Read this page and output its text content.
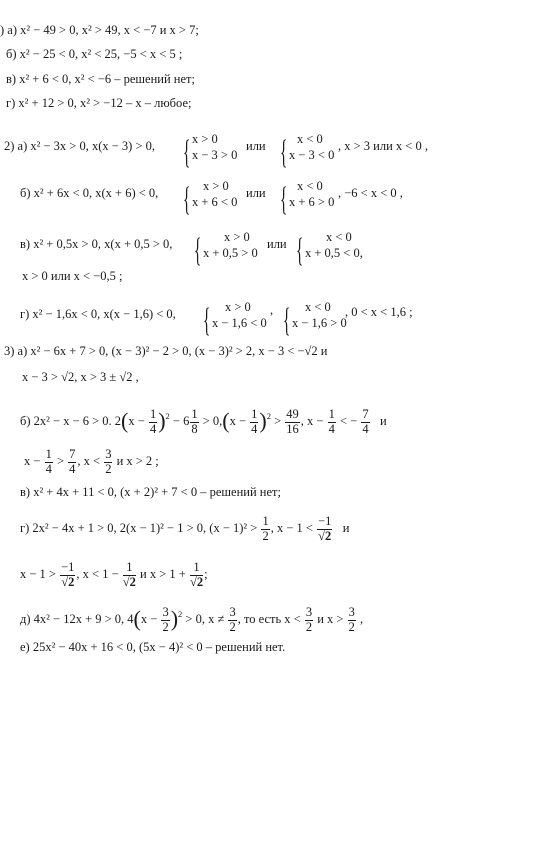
) а) x² − 49 > 0, x² > 49, x < −7 и x > 7;
б) x² − 25 < 0, x² < 25, −5 < x < 5 ;
в) x² + 6 < 0, x² < −6 – решений нет;
г) x² + 12 > 0, x² > −12 – x – любое;
2) а) x² − 3x > 0, x(x − 3) > 0, { x > 0
x − 3 > 0
или { x < 0
x − 3 < 0
, x > 3 или x < 0 ,
б) x² + 6x < 0, x(x + 6) < 0, { x > 0
x + 6 < 0
или { x < 0
x + 6 > 0
, −6 < x < 0 ,
в) x² + 0,5x > 0, x(x + 0,5 > 0, { x > 0
x + 0,5 > 0
или { x < 0
x + 0,5 < 0,
x > 0 или x < −0,5 ;
г) x² − 1,6x < 0, x(x − 1,6) < 0, { x > 0
x − 1,6 < 0
, { x < 0
x − 1,6 > 0
, 0 < x < 1,6 ;
3) а) x² − 6x + 7 > 0, (x − 3)² − 2 > 0, (x − 3)² > 2, x − 3 < −√2 и
x − 3 > √2, x > 3 ± √2 ,
б) 2x² − x − 6 > 0. $2(x - \frac{1}{4} )^2 - 6 \frac{1}{8} > 0,(x - \frac{1}{4} )^2 > \frac{49}{16}$ , $x - \frac{1}{4}$ < − $\frac{7}{4}$ и
$x - \frac{1}{4} > \frac{7}{4}$ , $x < \frac{3}{2}$ и x > 2 ;
в) x² + 4x + 11 < 0, (x + 2)² + 7 < 0 – решений нет;
г) 2x² − 4x + 1 > 0, 2(x − 1)² − 1 > 0, $(x - 1)^2 > \frac{1}{2}$ , $x - 1 < \frac{-1}{√2}$ и
$x - 1 > \frac{-1}{√2}$ , $x < 1 - \frac{1}{√2}$ и $x > 1 + \frac{1}{√2}$ ;
д) 4x² − 12x + 9 > 0, $4(x - \frac{3}{2} )^2 > 0$, $x \ne \frac{3}{2}$ , то есть $x < \frac{3}{2}$ и $x > \frac{3}{2}$ ,
е) 25x² − 40x + 16 < 0, (5x − 4)² < 0 – решений нет.
